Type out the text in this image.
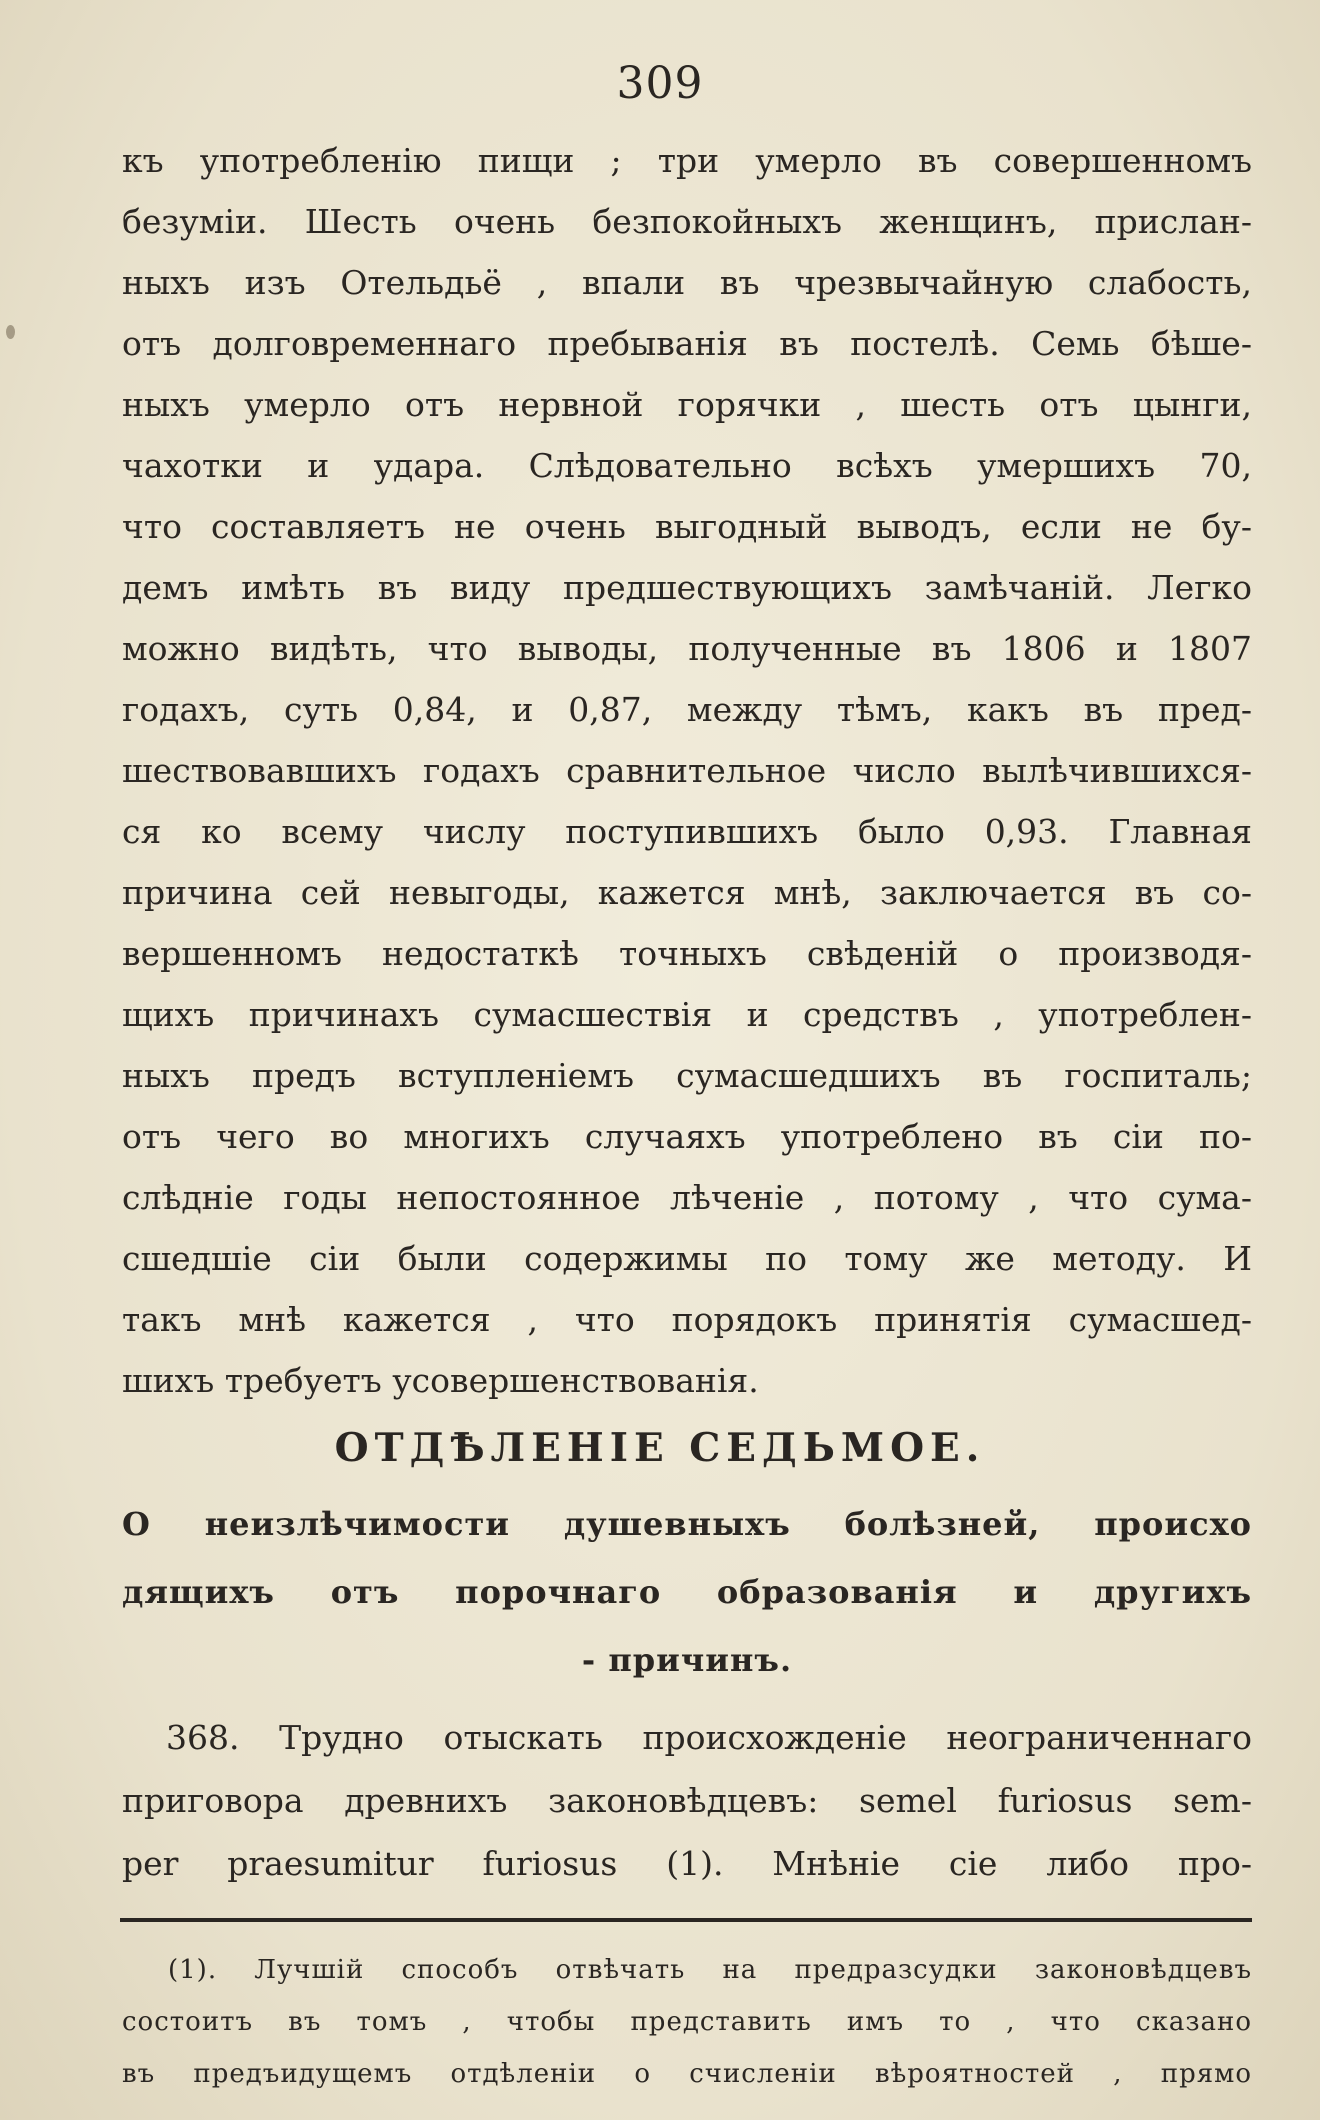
309
къ употребленію пищи ; три умерло въ совершенномъ
безуміи. Шесть очень безпокойныхъ женщинъ, прислан-
ныхъ изъ Отельдьё , впали въ чрезвычайную слабость,
отъ долговременнаго пребыванія въ постелѣ. Семь бѣше-
ныхъ умерло отъ нервной горячки , шесть отъ цынги,
чахотки и удара. Слѣдовательно всѣхъ умершихъ 70,
что составляетъ не очень выгодный выводъ, если не бу-
демъ имѣть въ виду предшествующихъ замѣчаній. Легко
можно видѣть, что выводы, полученные въ 1806 и 1807
годахъ, суть 0,84, и 0,87, между тѣмъ, какъ въ пред-
шествовавшихъ годахъ сравнительное число вылѣчившихся-
ся ко всему числу поступившихъ было 0,93. Главная
причина сей невыгоды, кажется мнѣ, заключается въ со-
вершенномъ недостаткѣ точныхъ свѣденій о производя-
щихъ причинахъ сумасшествія и средствъ , употреблен-
ныхъ предъ вступленіемъ сумасшедшихъ въ госпиталь;
отъ чего во многихъ случаяхъ употреблено въ сіи по-
слѣдніе годы непостоянное лѣченіе , потому , что сума-
сшедшіе сіи были содержимы по тому же методу. И
такъ мнѣ кажется , что порядокъ принятія сумасшед-
шихъ требуетъ усовершенствованія.
ОТДѢЛЕНІЕ СЕДЬМОЕ.
О неизлѣчимости душевныхъ болѣзней, происхо
дящихъ отъ порочнаго образованія и другихъ
- причинъ.
368. Трудно отыскать происхожденіе неограниченнаго
приговора древнихъ законовѣдцевъ: semel furiosus sem-
per praesumitur furiosus (1). Мнѣніе сіе либо про-
(1). Лучшій способъ отвѣчать на предразсудки законовѣдцевъ
состоитъ въ томъ , чтобы представить имъ то , что сказано
въ предъидущемъ отдѣленіи о счисленіи вѣроятностей , прямо
